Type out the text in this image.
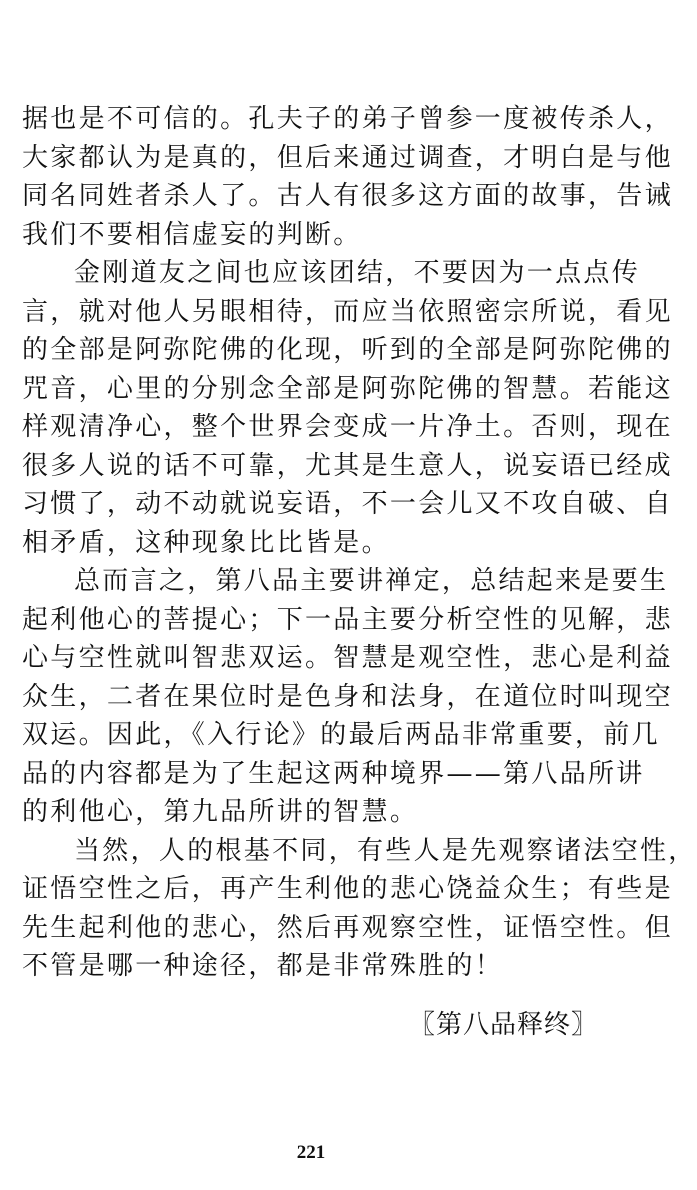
据也是不可信的。孔夫子的弟子曾参一度被传杀人，
大家都认为是真的，但后来通过调查，才明白是与他
同名同姓者杀人了。古人有很多这方面的故事，告诫
我们不要相信虚妄的判断。
金刚道友之间也应该团结，不要因为一点点传
言，就对他人另眼相待，而应当依照密宗所说，看见
的全部是阿弥陀佛的化现，听到的全部是阿弥陀佛的
咒音，心里的分别念全部是阿弥陀佛的智慧。若能这
样观清净心，整个世界会变成一片净土。否则，现在
很多人说的话不可靠，尤其是生意人，说妄语已经成
习惯了，动不动就说妄语，不一会儿又不攻自破、自
相矛盾，这种现象比比皆是。
总而言之，第八品主要讲禅定，总结起来是要生
起利他心的菩提心；下一品主要分析空性的见解，悲
心与空性就叫智悲双运。智慧是观空性，悲心是利益
众生，二者在果位时是色身和法身，在道位时叫现空
双运。因此，《入行论》的最后两品非常重要，前几
品的内容都是为了生起这两种境界——第八品所讲
的利他心，第九品所讲的智慧。
当然，人的根基不同，有些人是先观察诸法空性，
证悟空性之后，再产生利他的悲心饶益众生；有些是
先生起利他的悲心，然后再观察空性，证悟空性。但
不管是哪一种途径，都是非常殊胜的！
〖第八品释终〗
221
